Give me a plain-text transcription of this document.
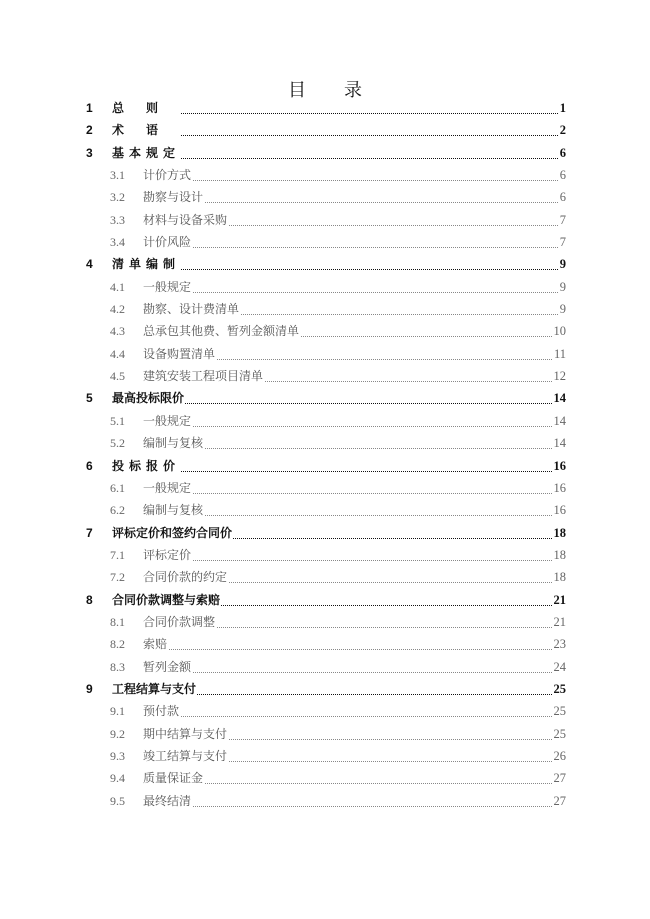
目 录
1 总则	1
2 术语	2
3 基本规定	6
3.1 计价方式	6
3.2 勘察与设计	6
3.3 材料与设备采购	7
3.4 计价风险	7
4 清单编制	9
4.1 一般规定	9
4.2 勘察、设计费清单	9
4.3 总承包其他费、暂列金额清单	10
4.4 设备购置清单	11
4.5 建筑安装工程项目清单	12
5 最高投标限价	14
5.1 一般规定	14
5.2 编制与复核	14
6 投标报价	16
6.1 一般规定	16
6.2 编制与复核	16
7 评标定价和签约合同价	18
7.1 评标定价	18
7.2 合同价款的约定	18
8 合同价款调整与索赔	21
8.1 合同价款调整	21
8.2 索赔	23
8.3 暂列金额	24
9 工程结算与支付	25
9.1 预付款	25
9.2 期中结算与支付	25
9.3 竣工结算与支付	26
9.4 质量保证金	27
9.5 最终结清	27
